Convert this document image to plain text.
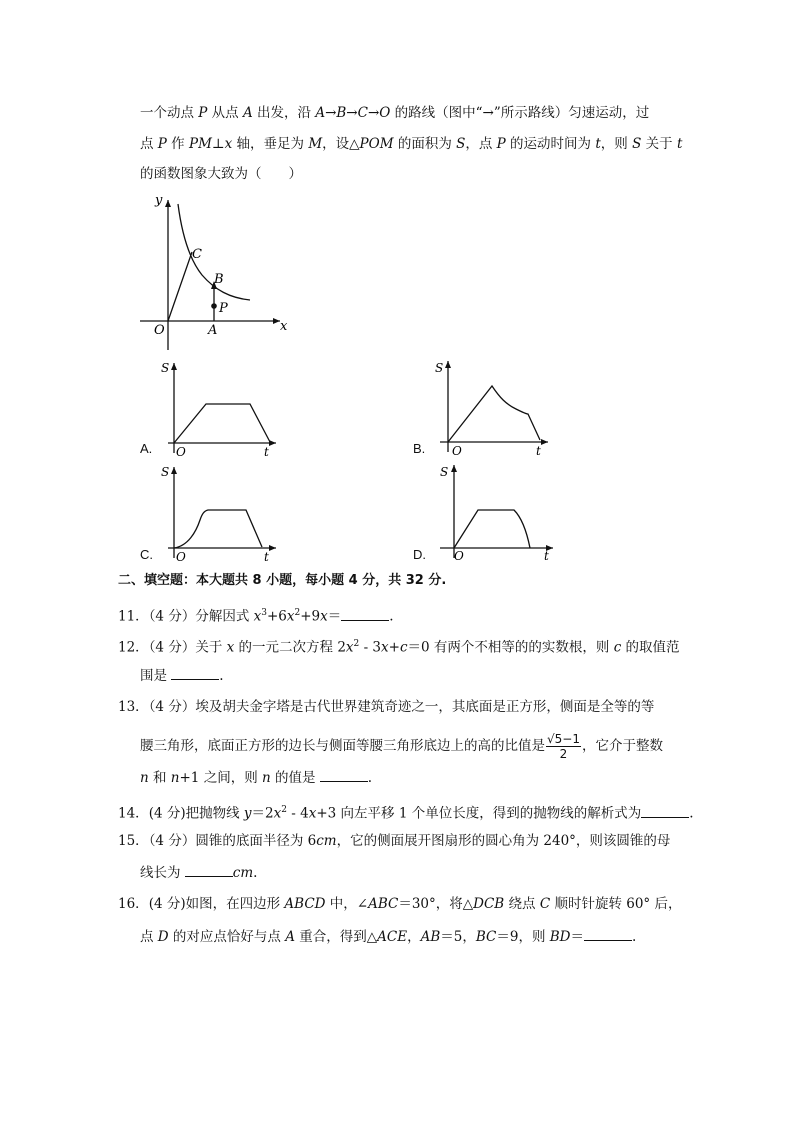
一个动点 P 从点 A 出发，沿 A→B→C→O 的路线（图中“→”所示路线）匀速运动，过
点 P 作 PM⊥x 轴，垂足为 M，设△POM 的面积为 S，点 P 的运动时间为 t，则 S 关于 t
的函数图象大致为（　　）
y
x
O	A
B
C
P
S
O	t
A.
S
O	t
B.
S
O	t
C.
S
O	t
D.
二、填空题：本大题共 8 小题，每小题 4 分，共 32 分.
11．（4 分）分解因式 $x^3+6x^2+9x=$	.
12．（4 分）关于 x 的一元二次方程 $2x^2 - 3x+c=0$ 有两个不相等的的实数根，则 c 的取值范
围是	.
13．（4 分）埃及胡夫金字塔是古代世界建筑奇迹之一，其底面是正方形，侧面是全等的等
腰三角形，底面正方形的边长与侧面等腰三角形底边上的高的比值是 $\frac{√5-1}{2}$ ，它介于整数
n 和 n+1 之间，则 n 的值是	.
14．(4 分)把抛物线 $y=2x^2 - 4x+3$ 向左平移 1 个单位长度，得到的抛物线的解析式为	.
15．（4 分）圆锥的底面半径为 6cm，它的侧面展开图扇形的圆心角为 240°，则该圆锥的母
线长为	cm.
16．(4 分)如图，在四边形 ABCD 中，∠ABC＝30°，将△DCB 绕点 C 顺时针旋转 60° 后，
点 D 的对应点恰好与点 A 重合，得到△ACE，AB＝5，BC＝9，则 BD＝	.
